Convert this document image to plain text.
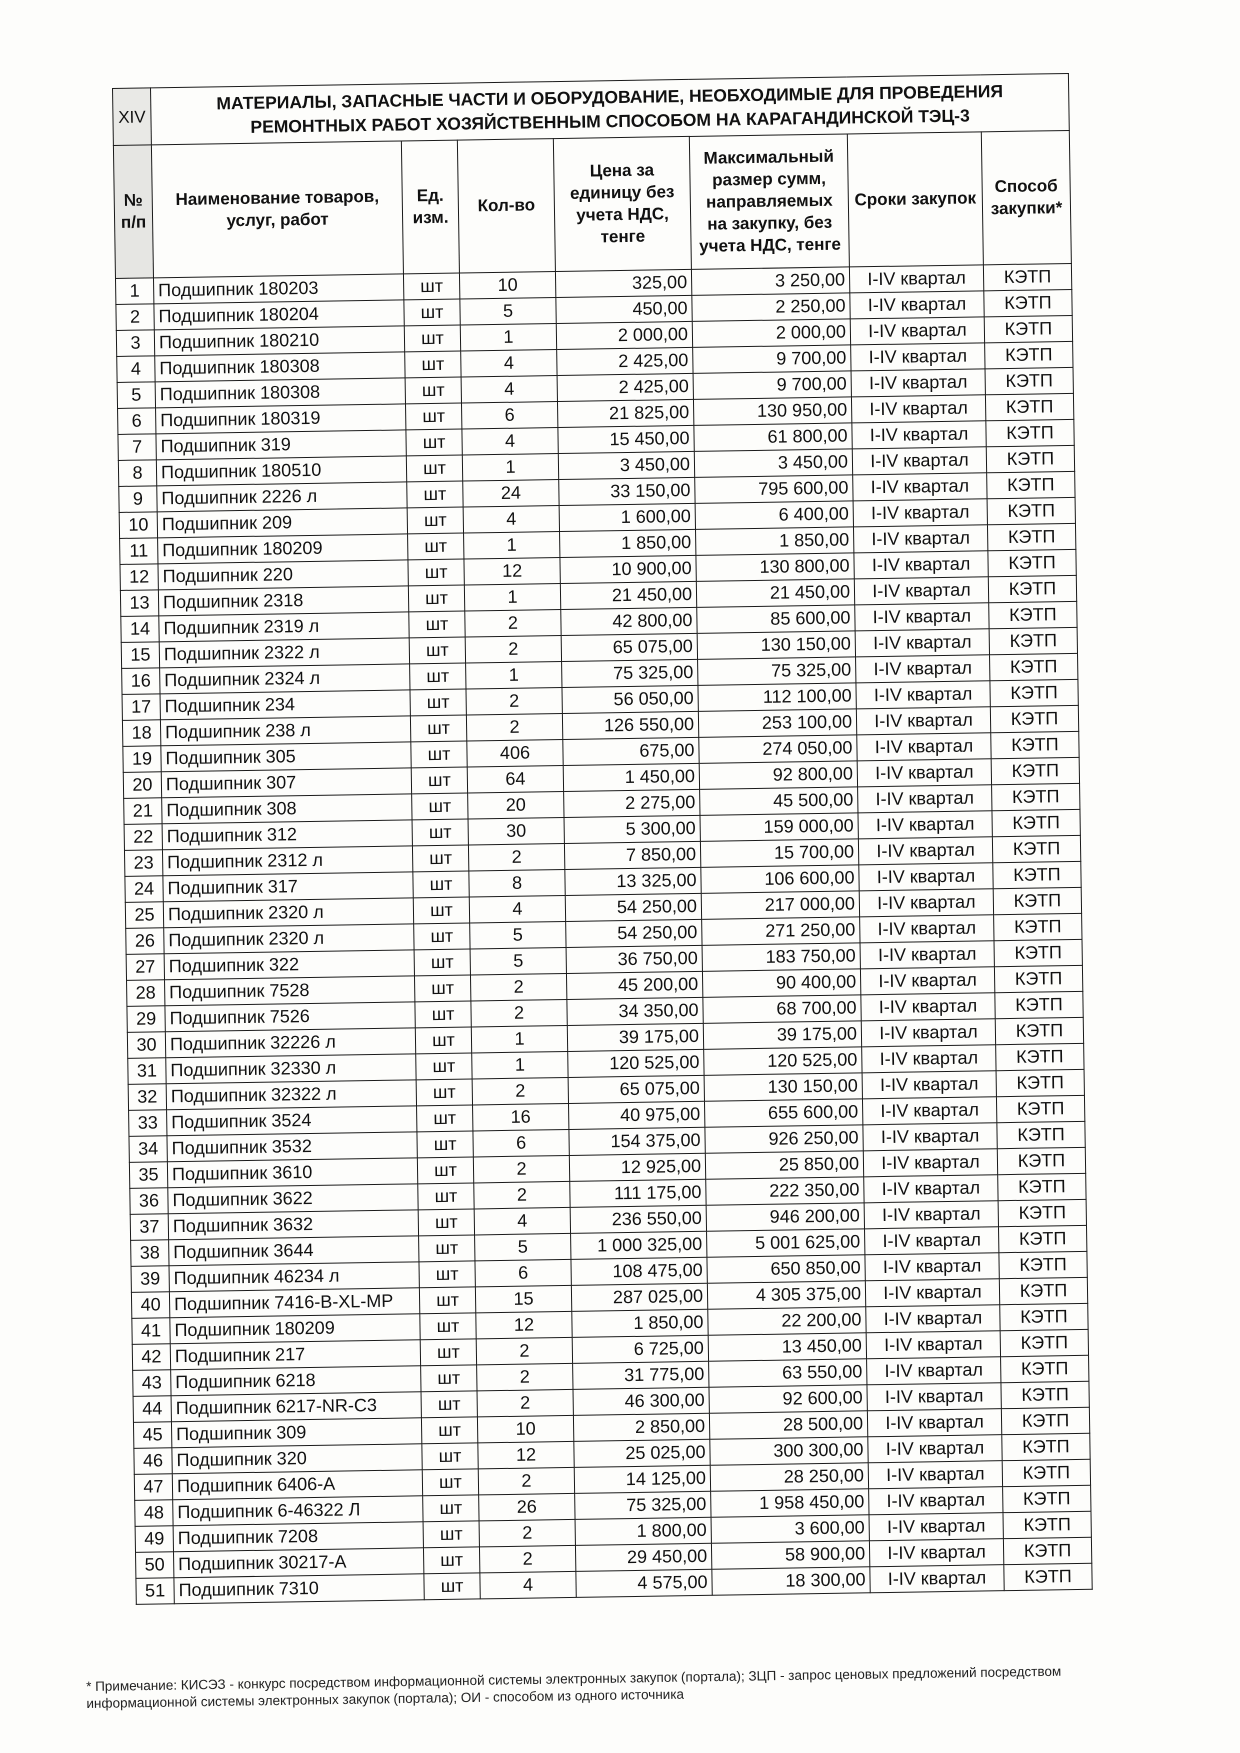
XIV	МАТЕРИАЛЫ, ЗАПАСНЫЕ ЧАСТИ И ОБОРУДОВАНИЕ, НЕОБХОДИМЫЕ ДЛЯ ПРОВЕДЕНИЯ РЕМОНТНЫХ РАБОТ ХОЗЯЙСТВЕННЫМ СПОСОБОМ НА КАРАГАНДИНСКОЙ ТЭЦ-3						
№ п/п	Наименование товаров, услуг, работ	Ед. изм.	Кол-во	Цена за единицу без учета НДС, тенге	Максимальный размер сумм, направляемых на закупку, без учета НДС, тенге	Сроки закупок	Способ закупки*
1	Подшипник 180203	шт	10	325,00	3 250,00	I-IV квартал	КЭТП
2	Подшипник 180204	шт	5	450,00	2 250,00	I-IV квартал	КЭТП
3	Подшипник 180210	шт	1	2 000,00	2 000,00	I-IV квартал	КЭТП
4	Подшипник 180308	шт	4	2 425,00	9 700,00	I-IV квартал	КЭТП
5	Подшипник 180308	шт	4	2 425,00	9 700,00	I-IV квартал	КЭТП
6	Подшипник 180319	шт	6	21 825,00	130 950,00	I-IV квартал	КЭТП
7	Подшипник 319	шт	4	15 450,00	61 800,00	I-IV квартал	КЭТП
8	Подшипник 180510	шт	1	3 450,00	3 450,00	I-IV квартал	КЭТП
9	Подшипник 2226 л	шт	24	33 150,00	795 600,00	I-IV квартал	КЭТП
10	Подшипник 209	шт	4	1 600,00	6 400,00	I-IV квартал	КЭТП
11	Подшипник 180209	шт	1	1 850,00	1 850,00	I-IV квартал	КЭТП
12	Подшипник 220	шт	12	10 900,00	130 800,00	I-IV квартал	КЭТП
13	Подшипник 2318	шт	1	21 450,00	21 450,00	I-IV квартал	КЭТП
14	Подшипник 2319 л	шт	2	42 800,00	85 600,00	I-IV квартал	КЭТП
15	Подшипник 2322 л	шт	2	65 075,00	130 150,00	I-IV квартал	КЭТП
16	Подшипник 2324 л	шт	1	75 325,00	75 325,00	I-IV квартал	КЭТП
17	Подшипник 234	шт	2	56 050,00	112 100,00	I-IV квартал	КЭТП
18	Подшипник 238 л	шт	2	126 550,00	253 100,00	I-IV квартал	КЭТП
19	Подшипник 305	шт	406	675,00	274 050,00	I-IV квартал	КЭТП
20	Подшипник 307	шт	64	1 450,00	92 800,00	I-IV квартал	КЭТП
21	Подшипник 308	шт	20	2 275,00	45 500,00	I-IV квартал	КЭТП
22	Подшипник 312	шт	30	5 300,00	159 000,00	I-IV квартал	КЭТП
23	Подшипник 2312 л	шт	2	7 850,00	15 700,00	I-IV квартал	КЭТП
24	Подшипник 317	шт	8	13 325,00	106 600,00	I-IV квартал	КЭТП
25	Подшипник 2320 л	шт	4	54 250,00	217 000,00	I-IV квартал	КЭТП
26	Подшипник 2320 л	шт	5	54 250,00	271 250,00	I-IV квартал	КЭТП
27	Подшипник 322	шт	5	36 750,00	183 750,00	I-IV квартал	КЭТП
28	Подшипник 7528	шт	2	45 200,00	90 400,00	I-IV квартал	КЭТП
29	Подшипник 7526	шт	2	34 350,00	68 700,00	I-IV квартал	КЭТП
30	Подшипник 32226 л	шт	1	39 175,00	39 175,00	I-IV квартал	КЭТП
31	Подшипник 32330 л	шт	1	120 525,00	120 525,00	I-IV квартал	КЭТП
32	Подшипник 32322 л	шт	2	65 075,00	130 150,00	I-IV квартал	КЭТП
33	Подшипник 3524	шт	16	40 975,00	655 600,00	I-IV квартал	КЭТП
34	Подшипник 3532	шт	6	154 375,00	926 250,00	I-IV квартал	КЭТП
35	Подшипник 3610	шт	2	12 925,00	25 850,00	I-IV квартал	КЭТП
36	Подшипник 3622	шт	2	111 175,00	222 350,00	I-IV квартал	КЭТП
37	Подшипник 3632	шт	4	236 550,00	946 200,00	I-IV квартал	КЭТП
38	Подшипник 3644	шт	5	1 000 325,00	5 001 625,00	I-IV квартал	КЭТП
39	Подшипник 46234 л	шт	6	108 475,00	650 850,00	I-IV квартал	КЭТП
40	Подшипник 7416-B-XL-MP	шт	15	287 025,00	4 305 375,00	I-IV квартал	КЭТП
41	Подшипник 180209	шт	12	1 850,00	22 200,00	I-IV квартал	КЭТП
42	Подшипник 217	шт	2	6 725,00	13 450,00	I-IV квартал	КЭТП
43	Подшипник 6218	шт	2	31 775,00	63 550,00	I-IV квартал	КЭТП
44	Подшипник 6217-NR-C3	шт	2	46 300,00	92 600,00	I-IV квартал	КЭТП
45	Подшипник 309	шт	10	2 850,00	28 500,00	I-IV квартал	КЭТП
46	Подшипник 320	шт	12	25 025,00	300 300,00	I-IV квартал	КЭТП
47	Подшипник 6406-А	шт	2	14 125,00	28 250,00	I-IV квартал	КЭТП
48	Подшипник 6-46322 Л	шт	26	75 325,00	1 958 450,00	I-IV квартал	КЭТП
49	Подшипник 7208	шт	2	1 800,00	3 600,00	I-IV квартал	КЭТП
50	Подшипник 30217-А	шт	2	29 450,00	58 900,00	I-IV квартал	КЭТП
51	Подшипник 7310	шт	4	4 575,00	18 300,00	I-IV квартал	КЭТП
* Примечание: КИСЭЗ - конкурс посредством информационной системы электронных закупок (портала); ЗЦП - запрос ценовых предложений посредством информационной системы электронных закупок (портала); ОИ - способом из одного источника
